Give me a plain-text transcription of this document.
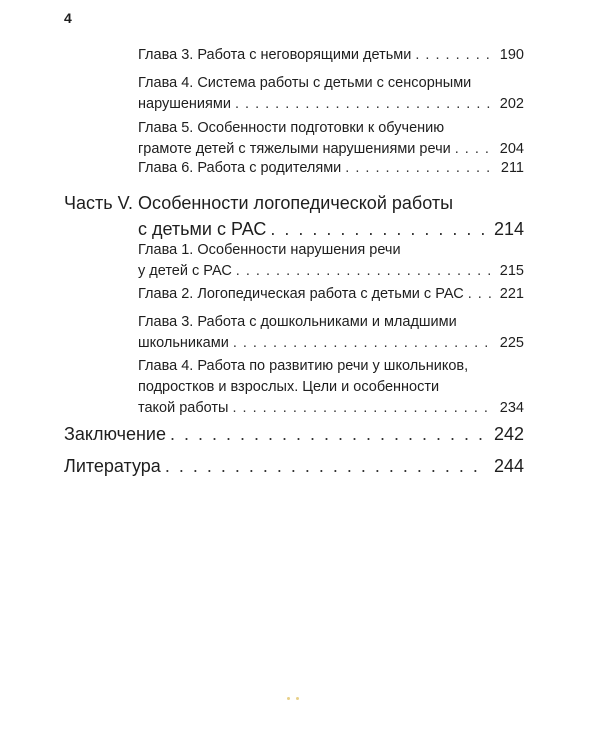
4
Глава 3. Работа с неговорящими детьми . . .	190
Глава 4. Система работы с детьми с сенсорными
нарушениями . . .	202
Глава 5. Особенности подготовки к обучению
грамоте детей с тяжелыми нарушениями речи . . .	204
Глава 6. Работа с родителями . . .	211
Часть V. Особенности логопедической работы
с детьми с РАС . . .	214
Глава 1. Особенности нарушения речи
у детей с РАС . . .	215
Глава 2. Логопедическая работа с детьми с РАС . . . 221
Глава 3. Работа с дошкольниками и младшими
школьниками . . .	225
Глава 4. Работа по развитию речи у школьников,
подростков и взрослых. Цели и особенности
такой работы . . .	234
Заключение . . .	242
Литература . . .	244
